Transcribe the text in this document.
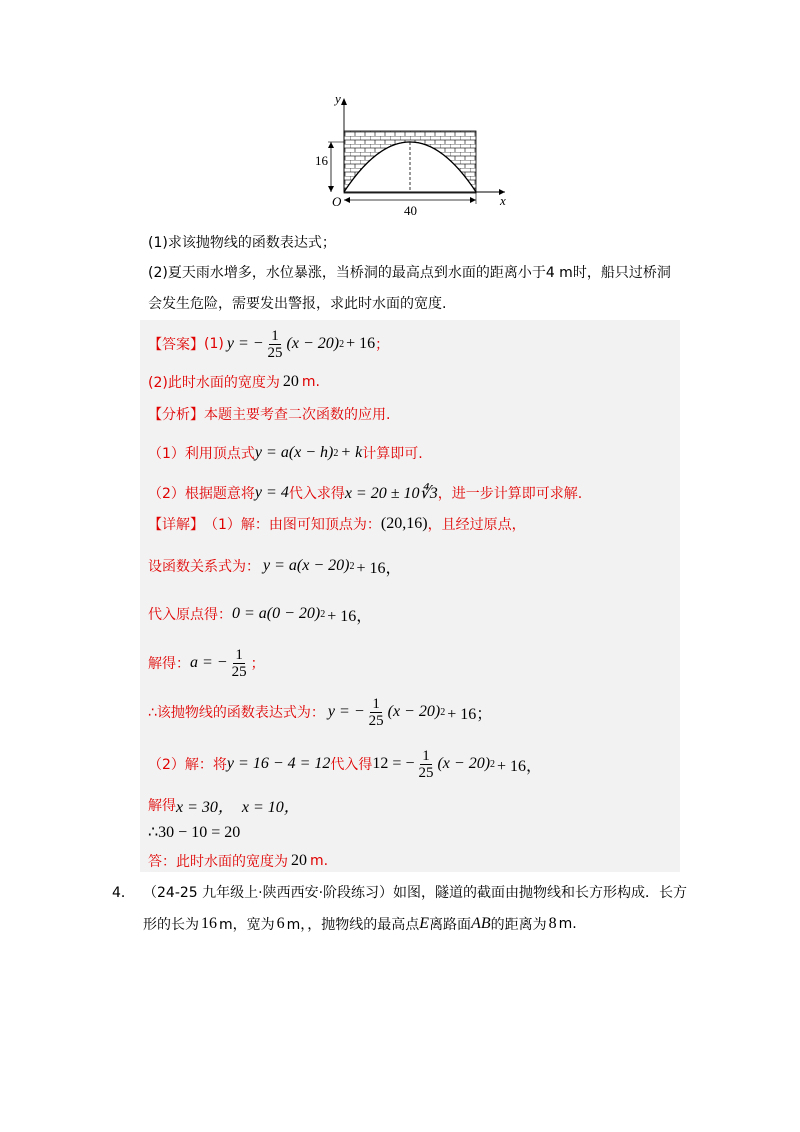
y
x
O
16
40
(1)求该抛物线的函数表达式；
(2)夏天雨水增多，水位暴涨，当桥洞的最高点到水面的距离小于4 m时，船只过桥洞
会发生危险，需要发出警报，求此时水面的宽度.
【答案】 (1) y = − $\frac{1}{25} (x - 20) 2 + 16$ ；
(2)此时水面的宽度为 20 m.
【分析】 本题主要考查二次函数的应用.
（1）利用顶点式 y = a(x − h) 2 + k 计算即可.
（2）根据题意将 y = 4 代入求得 x = 20 ± 10∜3 ，进一步计算即可求解.
【详解】 （1）解：由图可知顶点为： (20,16) ，且经过原点，
设函数关系式为： y = a(x − 20) 2 + 16，
代入原点得： 0 = a(0 − 20) 2 + 16，
解得： a = − $\frac{1}{25}$ ；
∴该抛物线的函数表达式为： y = − $\frac{1}{25} (x - 20) 2 + 16$；
（2）解：将 y = 16 − 4 = 12 代入得 12 = − $\frac{1}{25} (x - 20) 2 + 16$，
解得 x = 30，  x = 10，
∴30 − 10 = 20
答：此时水面的宽度为 20 m.
4． （24-25 九年级上·陕西西安·阶段练习）如图，隧道的截面由抛物线和长方形构成．长方
形的长为 16 m，宽为 6 m，，抛物线的最高点 E 离路面 AB 的距离为 8 m.
